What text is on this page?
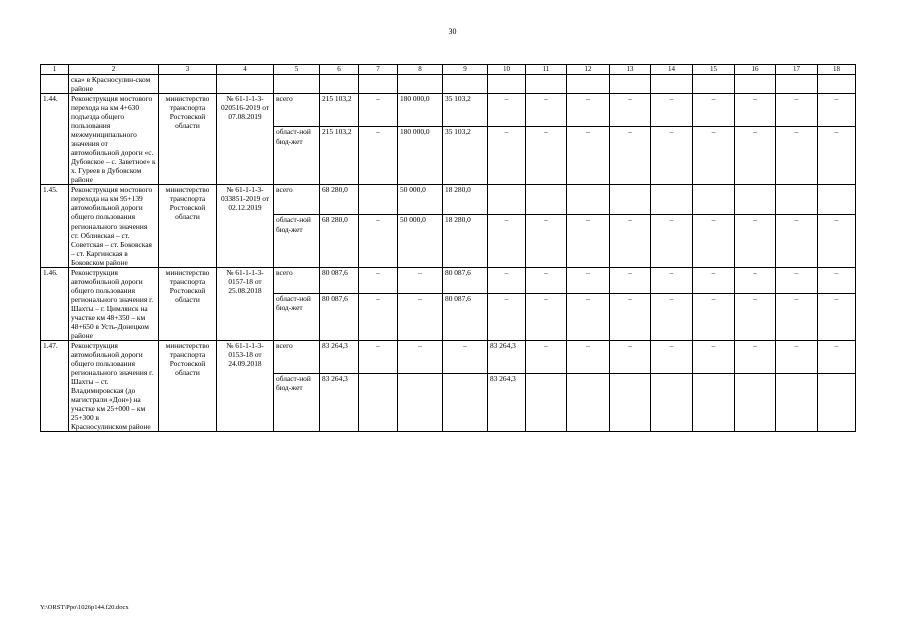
30
1	2	3	4	5	6	7	8	9	10	11	12	13	14	15	16	17	18
	ска» в Красносулин-ском районе																
1.44.	Реконструкция мостового перехода на км 4+630 подъезда общего пользования межмуниципального значения от автомобильной дороги «с. Дубовское – с. Заветное» к х. Гуреев в Дубовском районе	министерство транспорта Ростовской области	№ 61-1-1-3-020516-2019 от 07.08.2019	всего	215 103,2	–	180 000,0	35 103,2	–	–	–	–	–	–	–	–	–
				област-ной бюд-жет	215 103,2	–	180 000,0	35 103,2	–	–	–	–	–	–	–	–	–
1.45.	Реконструкция мостового перехода на км 95+139 автомобильной дороги общего пользования регионального значения ст. Обливская – ст. Советская – ст. Боковская – ст. Каргинская в Боковском районе	министерство транспорта Ростовской области	№ 61-1-1-3-033851-2019 от 02.12.2019	всего	68 280,0		50 000,0	18 280,0									
				област-ной бюд-жет	68 280,0	–	50 000,0	18 280,0	–	–	–	–	–	–	–	–	–
1.46.	Реконструкция автомобильной дороги общего пользования регионального значения г. Шахты – г. Цимлянск на участке км 48+350 – км 48+650 в Усть-Донецком районе	министерство транспорта Ростовской области	№ 61-1-1-3-0157-18 от 25.08.2018	всего	80 087,6	–	–	80 087,6	–	–	–	–	–	–	–	–	–
				област-ной бюд-жет	80 087,6	–	–	80 087,6	–	–	–	–	–	–	–	–	–
1.47.	Реконструкция автомобильной дороги общего пользования регионального значения г. Шахты – ст. Владимировская (до магистрали «Дон») на участке км 25+000 – км 25+300 в Красносулинском районе	министерство транспорта Ростовской области	№ 61-1-1-3-0153-18 от 24.09.2018	всего	83 264,3	–	–	–	83 264,3	–	–	–	–	–	–	–	–
				област-ной бюд-жет	83 264,3				83 264,3								
Y:\ORST\Ppo\1026p144.f20.docx
